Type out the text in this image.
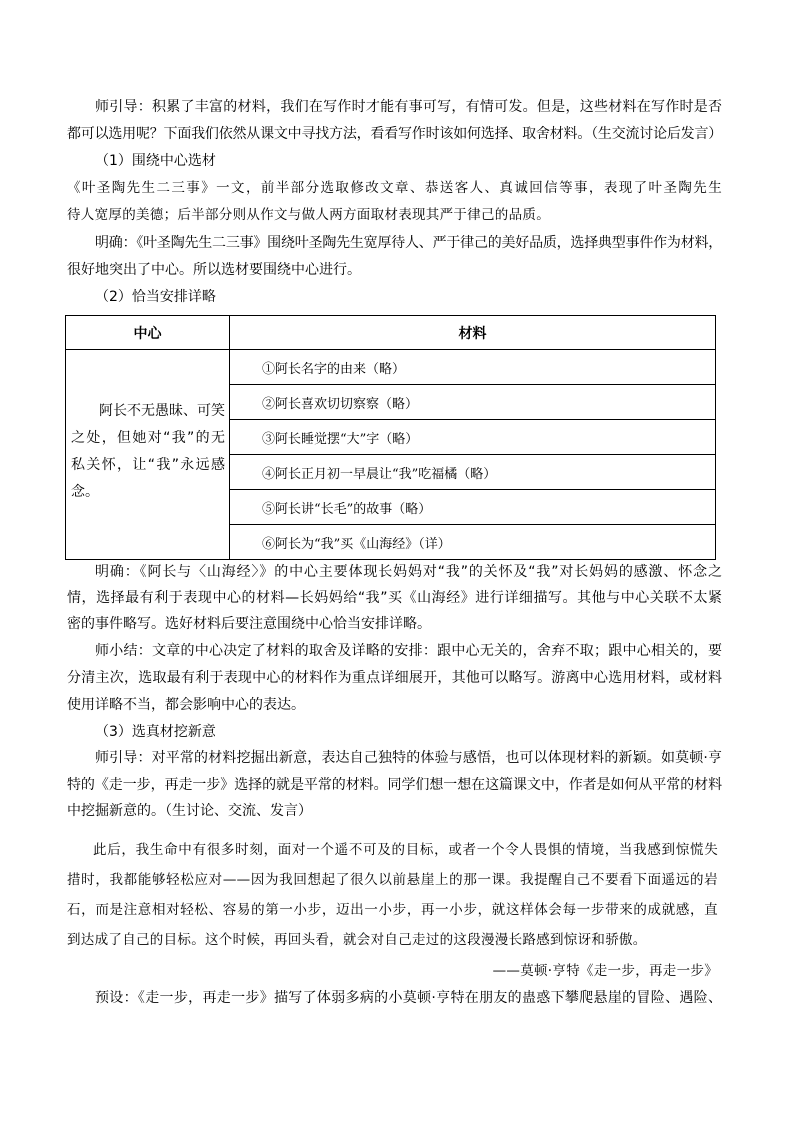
师引导：积累了丰富的材料，我们在写作时才能有事可写，有情可发。但是，这些材料在写作时是否
都可以选用呢？下面我们依然从课文中寻找方法，看看写作时该如何选择、取舍材料。（生交流讨论后发言）
（1）围绕中心选材
《叶圣陶先生二三事》一文，前半部分选取修改文章、恭送客人、真诚回信等事，表现了叶圣陶先生
待人宽厚的美德；后半部分则从作文与做人两方面取材表现其严于律己的品质。
明确：《叶圣陶先生二三事》围绕叶圣陶先生宽厚待人、严于律己的美好品质，选择典型事件作为材料，
很好地突出了中心。所以选材要围绕中心进行。
（2）恰当安排详略
中心	材料

阿长不无愚昧、可笑
之处，但她对“我”的无
私关怀，让“我”永远感
念。	①阿长名字的由来（略）
	②阿长喜欢切切察察（略）
	③阿长睡觉摆“大”字（略）
	④阿长正月初一早晨让“我”吃福橘（略）
	⑤阿长讲“长毛”的故事（略）
	⑥阿长为“我”买《山海经》（详）
明确：《阿长与〈山海经〉》的中心主要体现长妈妈对“我”的关怀及“我”对长妈妈的感激、怀念之
情，选择最有利于表现中心的材料—长妈妈给“我”买《山海经》进行详细描写。其他与中心关联不太紧
密的事件略写。选好材料后要注意围绕中心恰当安排详略。
师小结：文章的中心决定了材料的取舍及详略的安排：跟中心无关的，舍弃不取；跟中心相关的，要
分清主次，选取最有利于表现中心的材料作为重点详细展开，其他可以略写。游离中心选用材料，或材料
使用详略不当，都会影响中心的表达。
（3）选真材挖新意
师引导：对平常的材料挖掘出新意，表达自己独特的体验与感悟，也可以体现材料的新颖。如莫顿·亨
特的《走一步，再走一步》选择的就是平常的材料。同学们想一想在这篇课文中，作者是如何从平常的材料
中挖掘新意的。（生讨论、交流、发言）
此后，我生命中有很多时刻，面对一个遥不可及的目标，或者一个令人畏惧的情境，当我感到惊慌失
措时，我都能够轻松应对——因为我回想起了很久以前悬崖上的那一课。我提醒自己不要看下面遥远的岩
石，而是注意相对轻松、容易的第一小步，迈出一小步，再一小步，就这样体会每一步带来的成就感，直
到达成了自己的目标。这个时候，再回头看，就会对自己走过的这段漫漫长路感到惊讶和骄傲。
——莫顿·亨特《走一步，再走一步》
预设：《走一步，再走一步》描写了体弱多病的小莫顿·亨特在朋友的蛊惑下攀爬悬崖的冒险、遇险、
